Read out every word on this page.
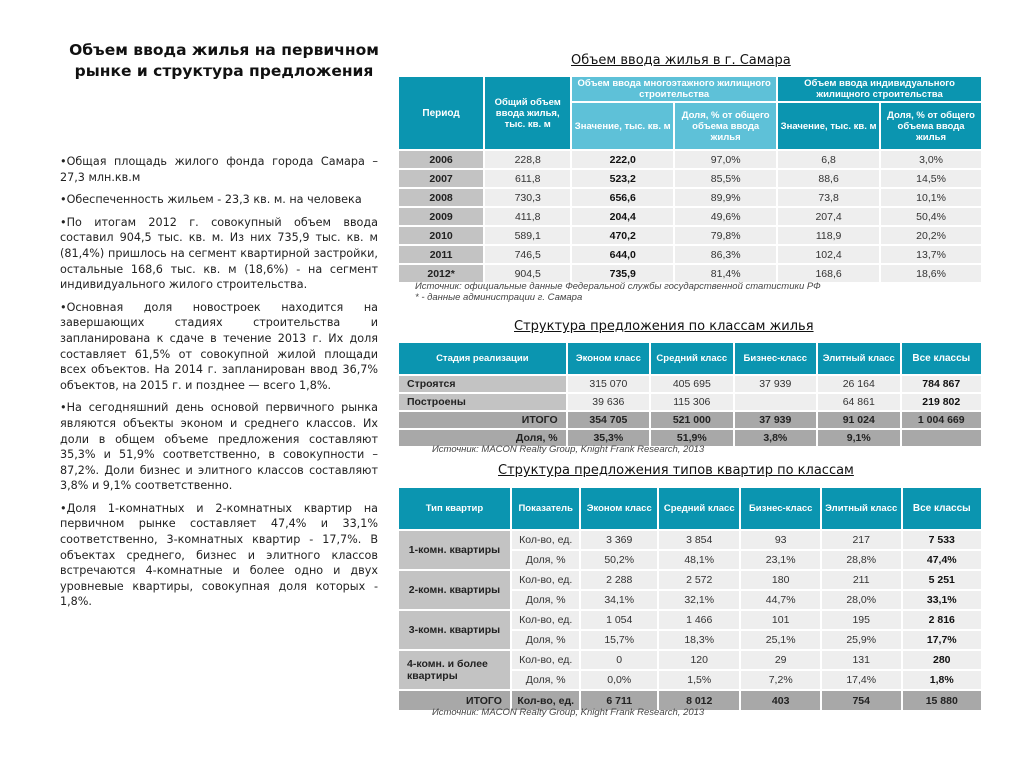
Объем ввода жилья на первичном рынке и структура предложения

•Общая площадь жилого фонда города Самара – 27,3 млн.кв.м

•Обеспеченность жильем - 23,3 кв. м. на человека

•По итогам 2012 г. совокупный объем ввода составил 904,5 тыс. кв. м. Из них 735,9 тыс. кв. м (81,4%) пришлось на сегмент квартирной застройки, остальные 168,6 тыс. кв. м (18,6%) - на сегмент индивидуального жилого строительства.

•Основная доля новостроек находится на завершающих стадиях строительства и запланирована к сдаче в течение 2013 г. Их доля составляет 61,5% от совокупной жилой площади всех объектов. На 2014 г. запланирован ввод 36,7% объектов, на 2015 г. и позднее — всего 1,8%.

•На сегодняшний день основой первичного рынка являются объекты эконом и среднего классов. Их доли в общем объеме предложения составляют 35,3% и 51,9% соответственно, в совокупности – 87,2%. Доли бизнес и элитного классов составляют 3,8% и 9,1% соответственно.

•Доля 1-комнатных и 2-комнатных квартир на первичном рынке составляет 47,4% и 33,1% соответственно, 3-комнатных квартир - 17,7%. В объектах среднего, бизнес и элитного классов встречаются 4-комнатные и более одно и двух уровневые квартиры, совокупная доля которых - 1,8%.

Объем ввода жилья в г. Самара
Период	Общий объем ввода жилья, тыс. кв. м	Объем ввода многоэтажного жилищного строительства		Объем ввода индивидуального жилищного строительства	
		Значение, тыс. кв. м	Доля, % от общего объема ввода жилья	Значение, тыс. кв. м	Доля, % от общего объема ввода жилья
2006	228,8	222,0	97,0%	6,8	3,0%
2007	611,8	523,2	85,5%	88,6	14,5%
2008	730,3	656,6	89,9%	73,8	10,1%
2009	411,8	204,4	49,6%	207,4	50,4%
2010	589,1	470,2	79,8%	118,9	20,2%
2011	746,5	644,0	86,3%	102,4	13,7%
2012*	904,5	735,9	81,4%	168,6	18,6%
Источник: официальные данные Федеральной службы государственной статистики РФ
* - данные администрации г. Самара
Структура предложения по классам жилья
Стадия реализации	Эконом класс	Средний класс	Бизнес-класс	Элитный класс	Все классы
Строятся	315 070	405 695	37 939	26 164	784 867
Построены	39 636	115 306		64 861	219 802
ИТОГО	354 705	521 000	37 939	91 024	1 004 669
Доля, %	35,3%	51,9%	3,8%	9,1%	
Источник: MACON Realty Group, Knight Frank Research, 2013
Структура предложения типов квартир по классам
Тип квартир	Показатель	Эконом класс	Средний класс	Бизнес-класс	Элитный класс	Все классы
1-комн. квартиры	Кол-во, ед.	3 369	3 854	93	217	7 533
	Доля, %	50,2%	48,1%	23,1%	28,8%	47,4%
2-комн. квартиры	Кол-во, ед.	2 288	2 572	180	211	5 251
	Доля, %	34,1%	32,1%	44,7%	28,0%	33,1%
3-комн. квартиры	Кол-во, ед.	1 054	1 466	101	195	2 816
	Доля, %	15,7%	18,3%	25,1%	25,9%	17,7%
4-комн. и более квартиры	Кол-во, ед.	0	120	29	131	280
	Доля, %	0,0%	1,5%	7,2%	17,4%	1,8%
ИТОГО	Кол-во, ед.	6 711	8 012	403	754	15 880
Источник: MACON Realty Group, Knight Frank Research, 2013
